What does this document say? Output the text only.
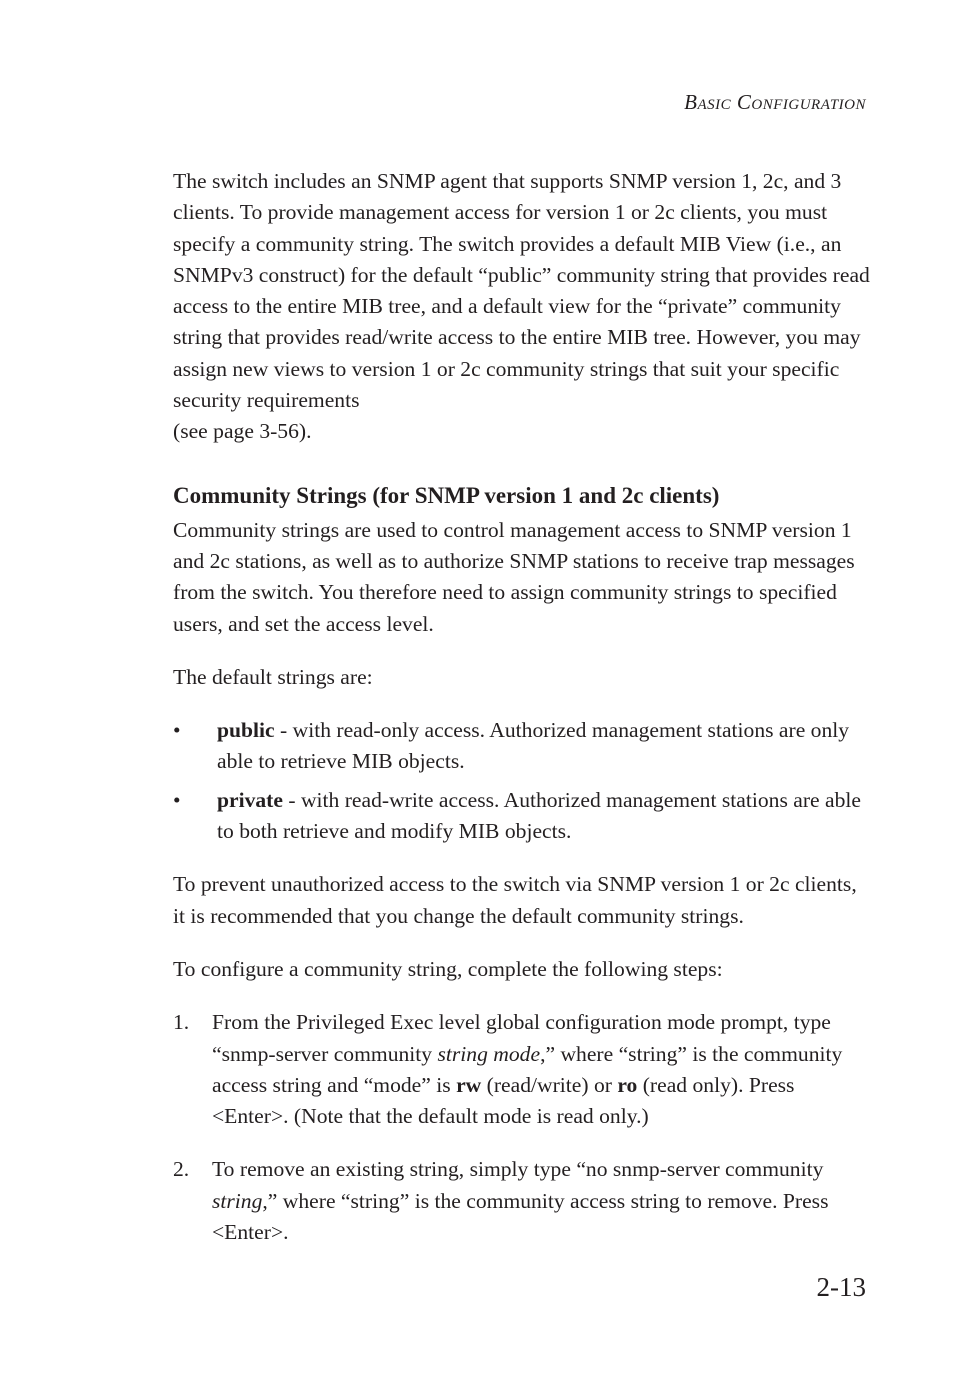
Basic Configuration

The switch includes an SNMP agent that supports SNMP version 1, 2c, and 3 clients. To provide management access for version 1 or 2c clients, you must specify a community string. The switch provides a default MIB View (i.e., an SNMPv3 construct) for the default “public” community string that provides read access to the entire MIB tree, and a default view for the “private” community string that provides read/write access to the entire MIB tree. However, you may assign new views to version 1 or 2c community strings that suit your specific security requirements
(see page 3-56).

Community Strings (for SNMP version 1 and 2c clients)

Community strings are used to control management access to SNMP version 1 and 2c stations, as well as to authorize SNMP stations to receive trap messages from the switch. You therefore need to assign community strings to specified users, and set the access level.

The default strings are:

• public - with read-only access. Authorized management stations are only able to retrieve MIB objects.
• private - with read-write access. Authorized management stations are able to both retrieve and modify MIB objects.

To prevent unauthorized access to the switch via SNMP version 1 or 2c clients, it is recommended that you change the default community strings.

To configure a community string, complete the following steps:

1. From the Privileged Exec level global configuration mode prompt, type “snmp-server community string mode,” where “string” is the community access string and “mode” is rw (read/write) or ro (read only). Press <Enter>. (Note that the default mode is read only.)
2. To remove an existing string, simply type “no snmp-server community string,” where “string” is the community access string to remove. Press <Enter>.
2-13
